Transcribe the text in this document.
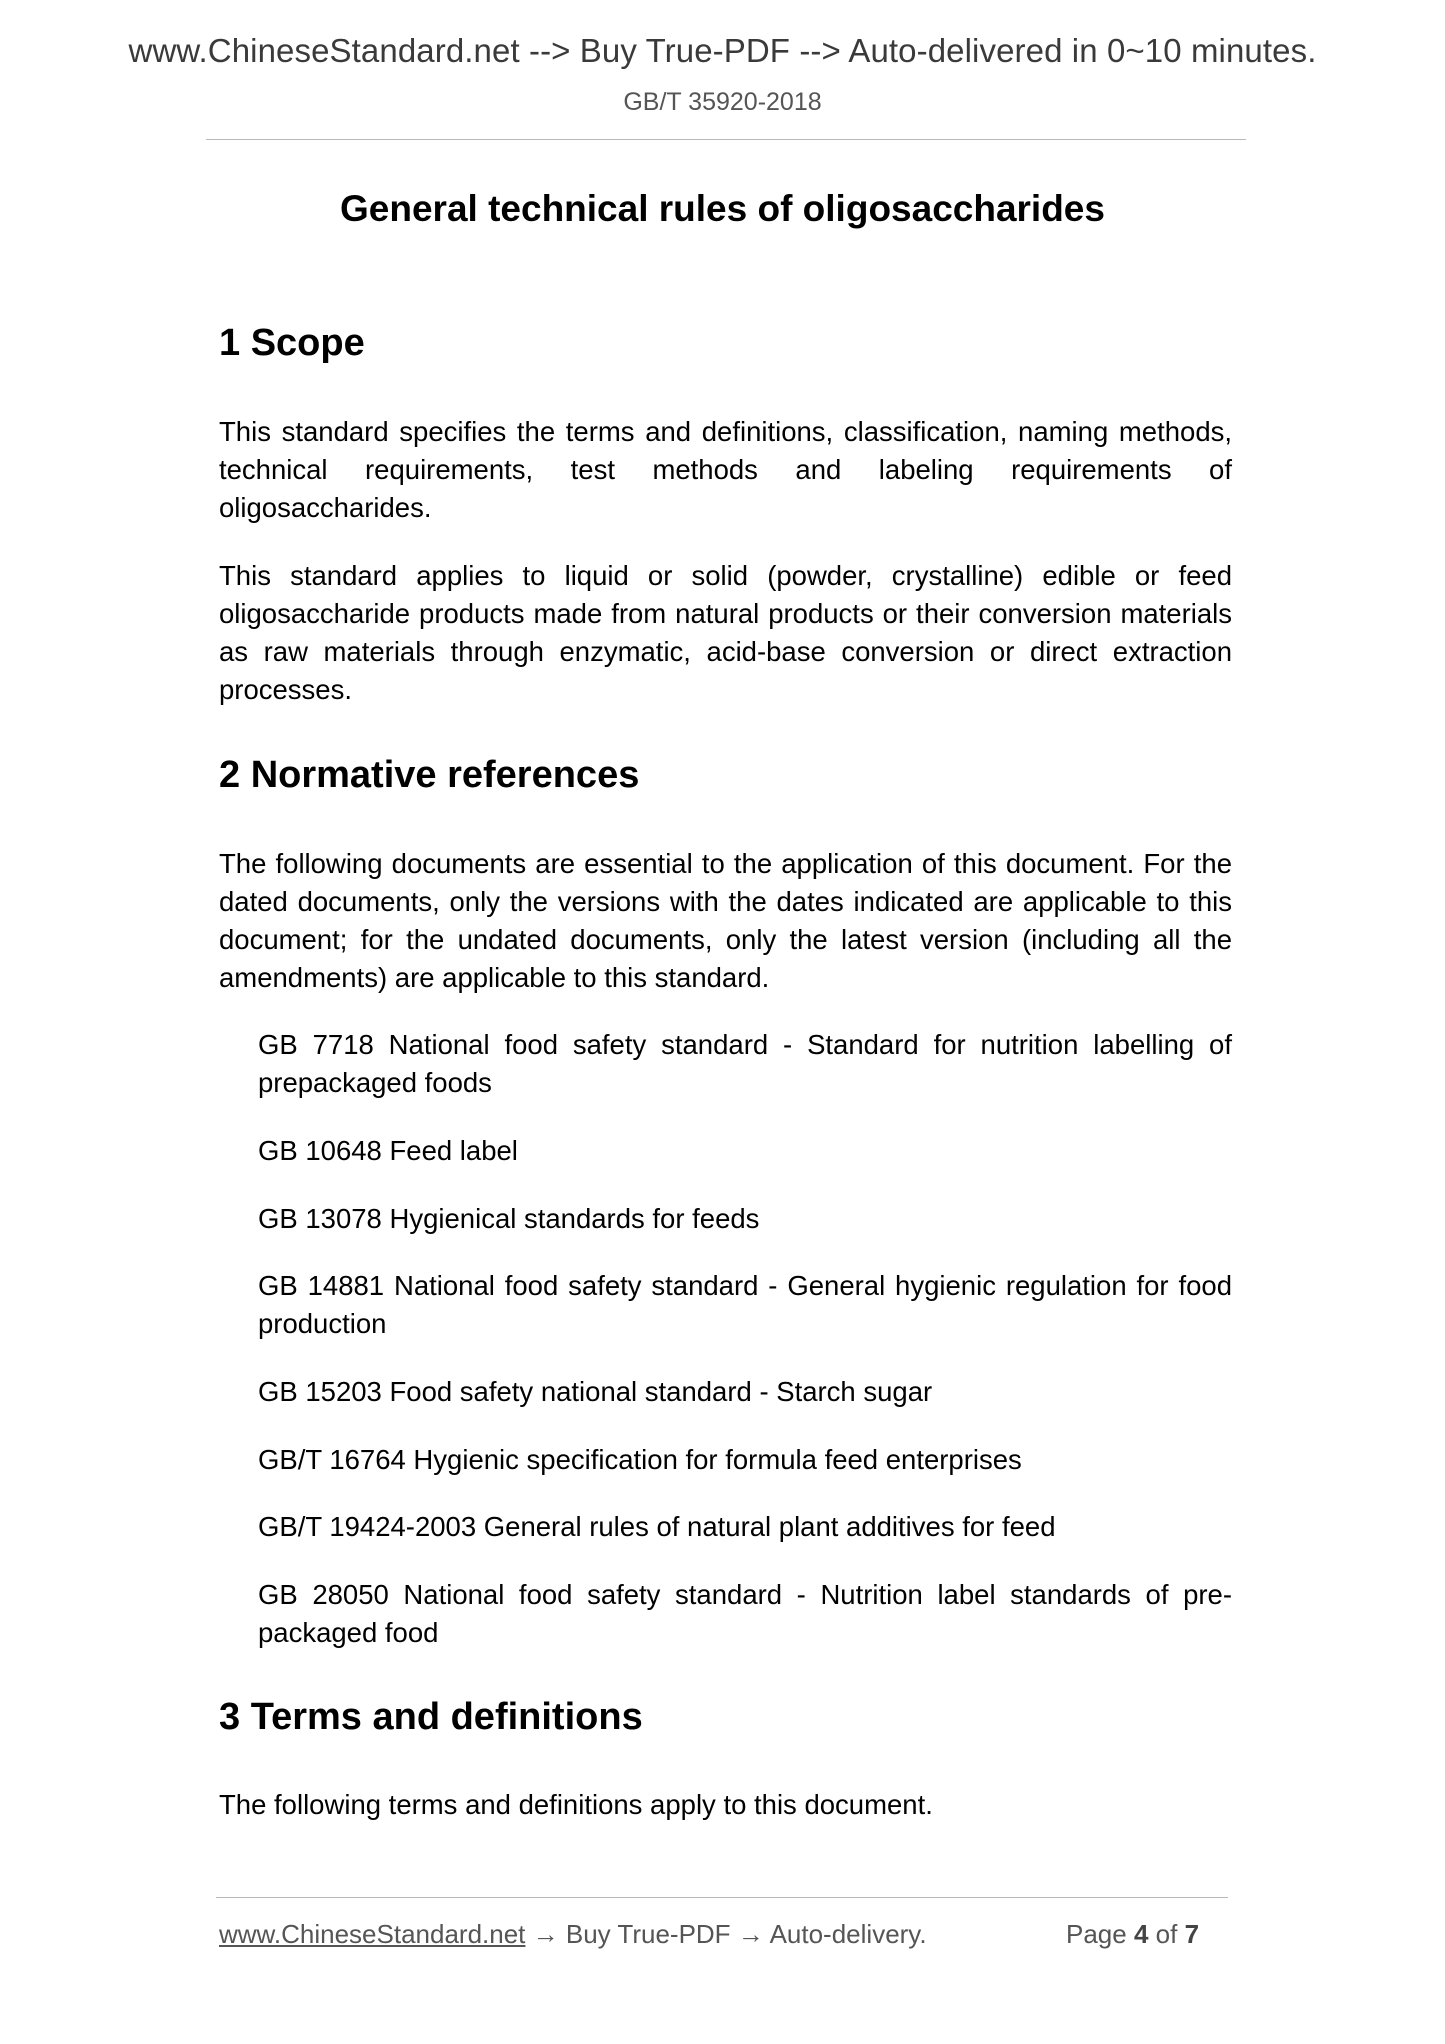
www.ChineseStandard.net --> Buy True-PDF --> Auto-delivered in 0~10 minutes.
GB/T 35920-2018
General technical rules of oligosaccharides
1 Scope

This standard specifies the terms and definitions, classification, naming methods, technical requirements, test methods and labeling requirements of oligosaccharides.

This standard applies to liquid or solid (powder, crystalline) edible or feed oligosaccharide products made from natural products or their conversion materials as raw materials through enzymatic, acid-base conversion or direct extraction processes.

2 Normative references

The following documents are essential to the application of this document. For the dated documents, only the versions with the dates indicated are applicable to this document; for the undated documents, only the latest version (including all the amendments) are applicable to this standard.

GB 7718 National food safety standard - Standard for nutrition labelling of prepackaged foods

GB 10648 Feed label

GB 13078 Hygienical standards for feeds

GB 14881 National food safety standard - General hygienic regulation for food production

GB 15203 Food safety national standard - Starch sugar

GB/T 16764 Hygienic specification for formula feed enterprises

GB/T 19424-2003 General rules of natural plant additives for feed

GB 28050 National food safety standard - Nutrition label standards of pre-packaged food

3 Terms and definitions

The following terms and definitions apply to this document.

www.ChineseStandard.net → Buy True-PDF → Auto-delivery.	Page 4 of 7
